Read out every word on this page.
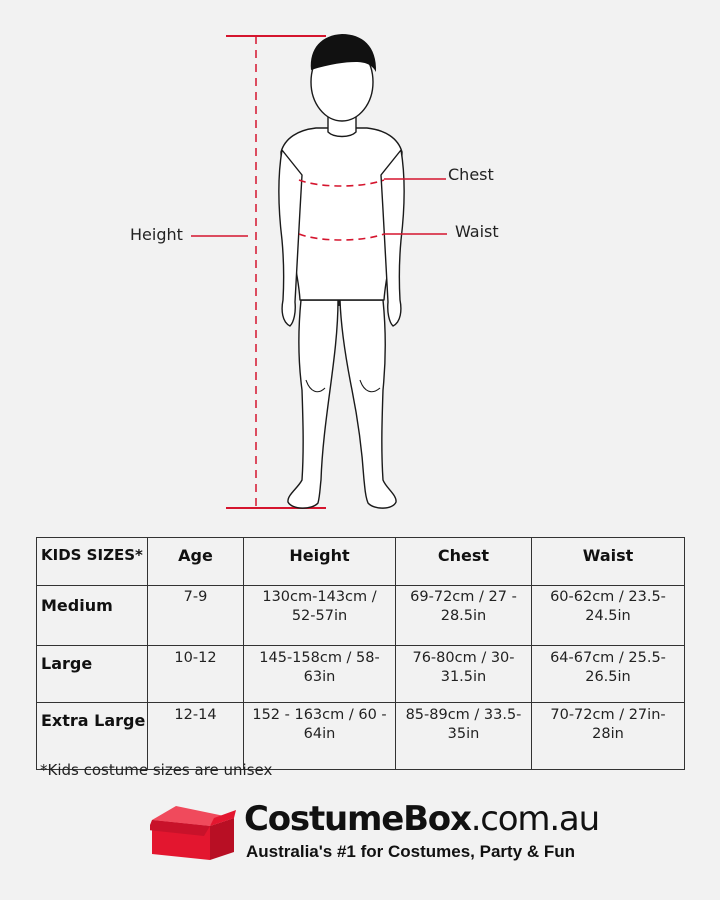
Height
Chest
Waist
KIDS SIZES*	Age	Height	Chest	Waist
Medium	7-9	130cm-143cm / 52-57in	69-72cm / 27 - 28.5in	60-62cm / 23.5-24.5in
Large	10-12	145-158cm / 58-63in	76-80cm / 30-31.5in	64-67cm / 25.5-26.5in
Extra Large	12-14	152 - 163cm / 60 - 64in	85-89cm / 33.5-35in	70-72cm / 27in-28in
*Kids costume sizes are unisex
CostumeBox.com.au
Australia's #1 for Costumes, Party & Fun
